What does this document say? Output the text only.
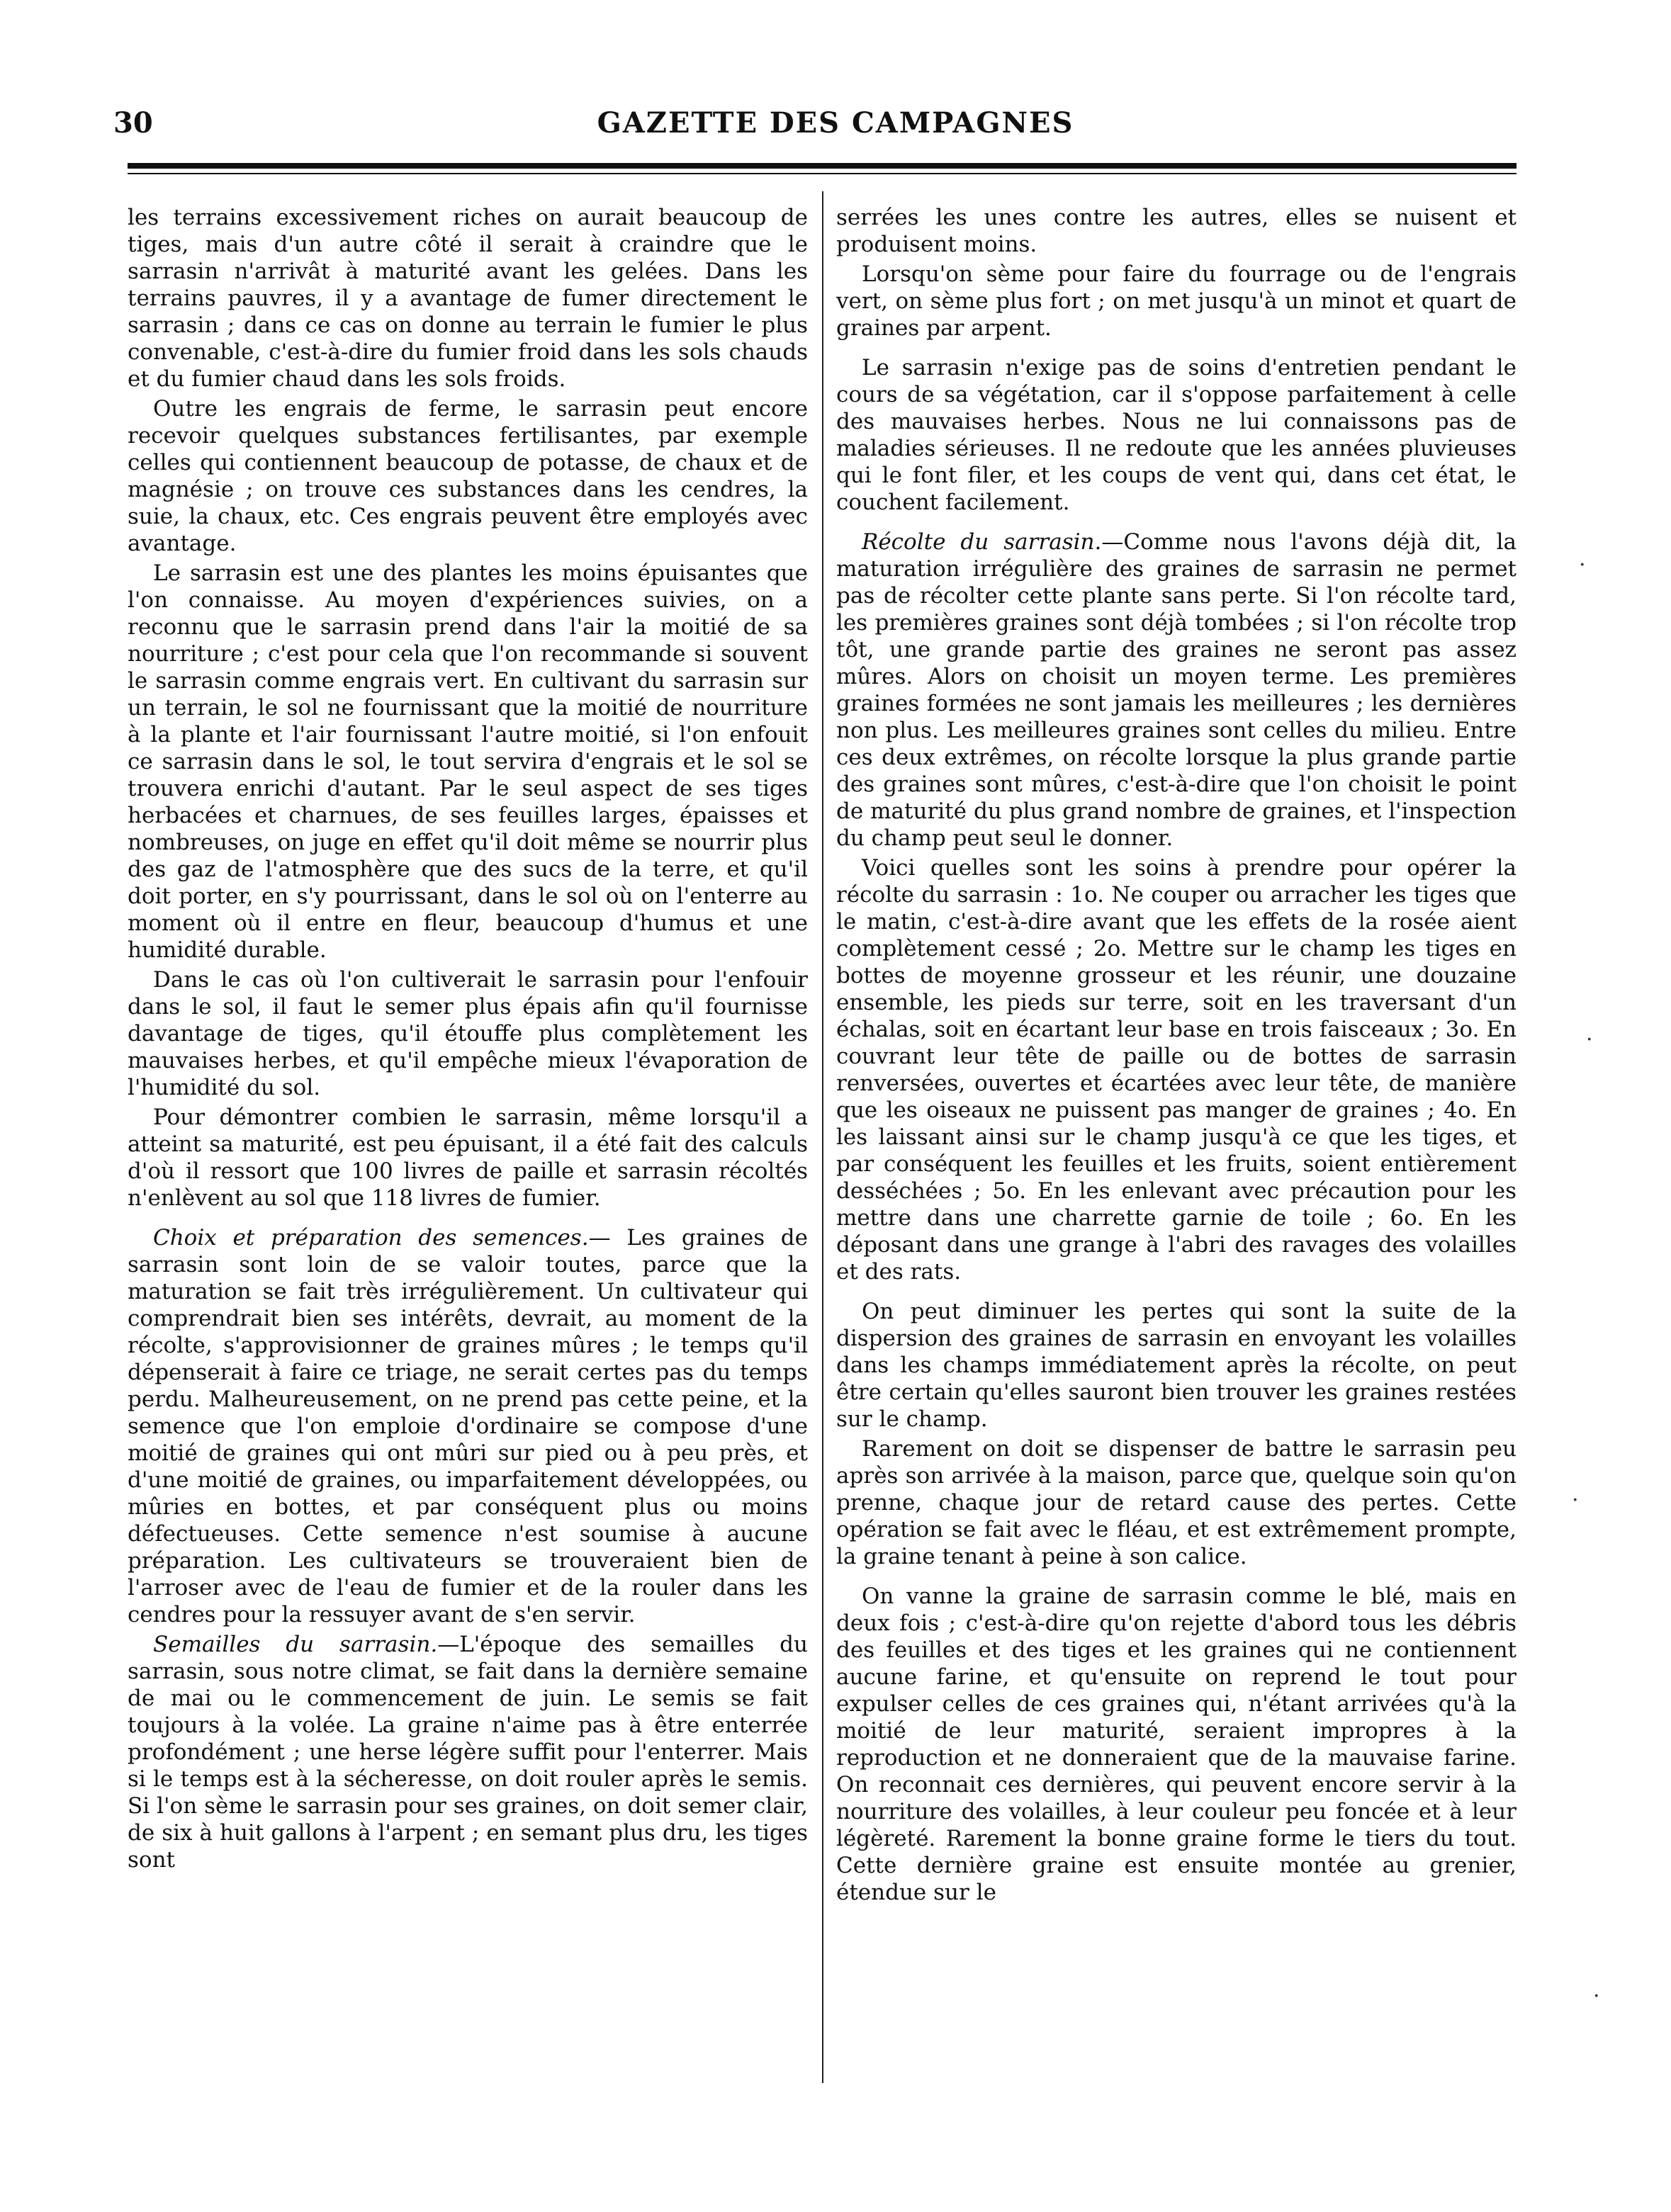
30	GAZETTE DES CAMPAGNES

les terrains excessivement riches on aurait beaucoup de tiges, mais d'un autre côté il serait à craindre que le sarrasin n'arrivât à maturité avant les gelées. Dans les terrains pauvres, il y a avantage de fumer directement le sarrasin ; dans ce cas on donne au terrain le fumier le plus convenable, c'est-à-dire du fumier froid dans les sols chauds et du fumier chaud dans les sols froids.

Outre les engrais de ferme, le sarrasin peut encore recevoir quelques substances fertilisantes, par exemple celles qui contiennent beaucoup de potasse, de chaux et de magnésie ; on trouve ces substances dans les cendres, la suie, la chaux, etc. Ces engrais peuvent être employés avec avantage.

Le sarrasin est une des plantes les moins épuisantes que l'on connaisse. Au moyen d'expériences suivies, on a reconnu que le sarrasin prend dans l'air la moitié de sa nourriture ; c'est pour cela que l'on recommande si souvent le sarrasin comme engrais vert. En cultivant du sarrasin sur un terrain, le sol ne fournissant que la moitié de nourriture à la plante et l'air fournissant l'autre moitié, si l'on enfouit ce sarrasin dans le sol, le tout servira d'engrais et le sol se trouvera enrichi d'autant. Par le seul aspect de ses tiges herbacées et charnues, de ses feuilles larges, épaisses et nombreuses, on juge en effet qu'il doit même se nourrir plus des gaz de l'atmosphère que des sucs de la terre, et qu'il doit porter, en s'y pourrissant, dans le sol où on l'enterre au moment où il entre en fleur, beaucoup d'humus et une humidité durable.

Dans le cas où l'on cultiverait le sarrasin pour l'enfouir dans le sol, il faut le semer plus épais afin qu'il fournisse davantage de tiges, qu'il étouffe plus complètement les mauvaises herbes, et qu'il empêche mieux l'évaporation de l'humidité du sol.

Pour démontrer combien le sarrasin, même lorsqu'il a atteint sa maturité, est peu épuisant, il a été fait des calculs d'où il ressort que 100 livres de paille et sarrasin récoltés n'enlèvent au sol que 118 livres de fumier.

Choix et préparation des semences.— Les graines de sarrasin sont loin de se valoir toutes, parce que la maturation se fait très irrégulièrement. Un cultivateur qui comprendrait bien ses intérêts, devrait, au moment de la récolte, s'approvisionner de graines mûres ; le temps qu'il dépenserait à faire ce triage, ne serait certes pas du temps perdu. Malheureusement, on ne prend pas cette peine, et la semence que l'on emploie d'ordinaire se compose d'une moitié de graines qui ont mûri sur pied ou à peu près, et d'une moitié de graines, ou imparfaitement développées, ou mûries en bottes, et par conséquent plus ou moins défectueuses. Cette semence n'est soumise à aucune préparation. Les cultivateurs se trouveraient bien de l'arroser avec de l'eau de fumier et de la rouler dans les cendres pour la ressuyer avant de s'en servir.

Semailles du sarrasin.—L'époque des semailles du sarrasin, sous notre climat, se fait dans la dernière semaine de mai ou le commencement de juin. Le semis se fait toujours à la volée. La graine n'aime pas à être enterrée profondément ; une herse légère suffit pour l'enterrer. Mais si le temps est à la sécheresse, on doit rouler après le semis. Si l'on sème le sarrasin pour ses graines, on doit semer clair, de six à huit gallons à l'arpent ; en semant plus dru, les tiges sont

serrées les unes contre les autres, elles se nuisent et produisent moins.

Lorsqu'on sème pour faire du fourrage ou de l'engrais vert, on sème plus fort ; on met jusqu'à un minot et quart de graines par arpent.

Le sarrasin n'exige pas de soins d'entretien pendant le cours de sa végétation, car il s'oppose parfaitement à celle des mauvaises herbes. Nous ne lui connaissons pas de maladies sérieuses. Il ne redoute que les années pluvieuses qui le font filer, et les coups de vent qui, dans cet état, le couchent facilement.

Récolte du sarrasin.—Comme nous l'avons déjà dit, la maturation irrégulière des graines de sarrasin ne permet pas de récolter cette plante sans perte. Si l'on récolte tard, les premières graines sont déjà tombées ; si l'on récolte trop tôt, une grande partie des graines ne seront pas assez mûres. Alors on choisit un moyen terme. Les premières graines formées ne sont jamais les meilleures ; les dernières non plus. Les meilleures graines sont celles du milieu. Entre ces deux extrêmes, on récolte lorsque la plus grande partie des graines sont mûres, c'est-à-dire que l'on choisit le point de maturité du plus grand nombre de graines, et l'inspection du champ peut seul le donner.

Voici quelles sont les soins à prendre pour opérer la récolte du sarrasin : 1o. Ne couper ou arracher les tiges que le matin, c'est-à-dire avant que les effets de la rosée aient complètement cessé ; 2o. Mettre sur le champ les tiges en bottes de moyenne grosseur et les réunir, une douzaine ensemble, les pieds sur terre, soit en les traversant d'un échalas, soit en écartant leur base en trois faisceaux ; 3o. En couvrant leur tête de paille ou de bottes de sarrasin renversées, ouvertes et écartées avec leur tête, de manière que les oiseaux ne puissent pas manger de graines ; 4o. En les laissant ainsi sur le champ jusqu'à ce que les tiges, et par conséquent les feuilles et les fruits, soient entièrement desséchées ; 5o. En les enlevant avec précaution pour les mettre dans une charrette garnie de toile ; 6o. En les déposant dans une grange à l'abri des ravages des volailles et des rats.

On peut diminuer les pertes qui sont la suite de la dispersion des graines de sarrasin en envoyant les volailles dans les champs immédiatement après la récolte, on peut être certain qu'elles sauront bien trouver les graines restées sur le champ.

Rarement on doit se dispenser de battre le sarrasin peu après son arrivée à la maison, parce que, quelque soin qu'on prenne, chaque jour de retard cause des pertes. Cette opération se fait avec le fléau, et est extrêmement prompte, la graine tenant à peine à son calice.

On vanne la graine de sarrasin comme le blé, mais en deux fois ; c'est-à-dire qu'on rejette d'abord tous les débris des feuilles et des tiges et les graines qui ne contiennent aucune farine, et qu'ensuite on reprend le tout pour expulser celles de ces graines qui, n'étant arrivées qu'à la moitié de leur maturité, seraient impropres à la reproduction et ne donneraient que de la mauvaise farine. On reconnait ces dernières, qui peuvent encore servir à la nourriture des volailles, à leur couleur peu foncée et à leur légèreté. Rarement la bonne graine forme le tiers du tout. Cette dernière graine est ensuite montée au grenier, étendue sur le

·
·
·
·
